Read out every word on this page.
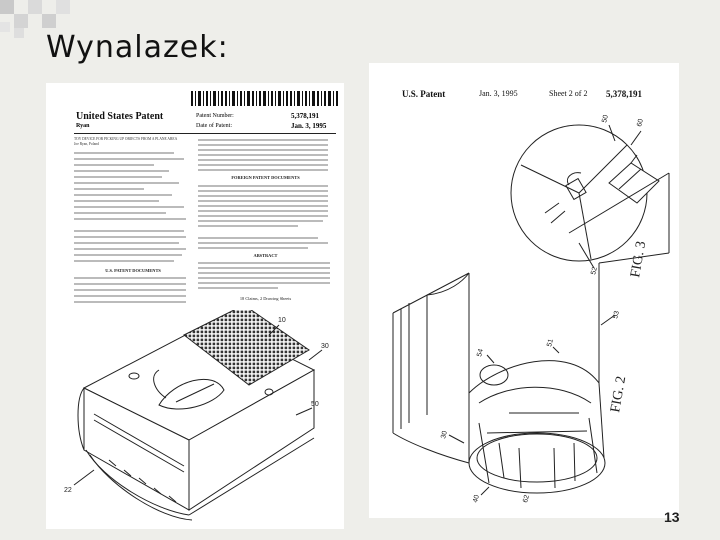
Wynalazek:
United States Patent
Ryan
Patent Number:	5,378,191
Date of Patent:	Jan. 3, 1995
TOY DEVICE FOR PICKING UP OBJECTS FROM A PLANE AREA
Joe Ryan, Poland
FOREIGN PATENT DOCUMENTS
ABSTRACT
18 Claims, 2 Drawing Sheets
U.S. PATENT DOCUMENTS
10
30
22
50
U.S. Patent	Jan. 3, 1995	Sheet 2 of 2 5,378,191
FIG. 3
FIG. 2
50	60
52
54
51
53
30
40	62
13
